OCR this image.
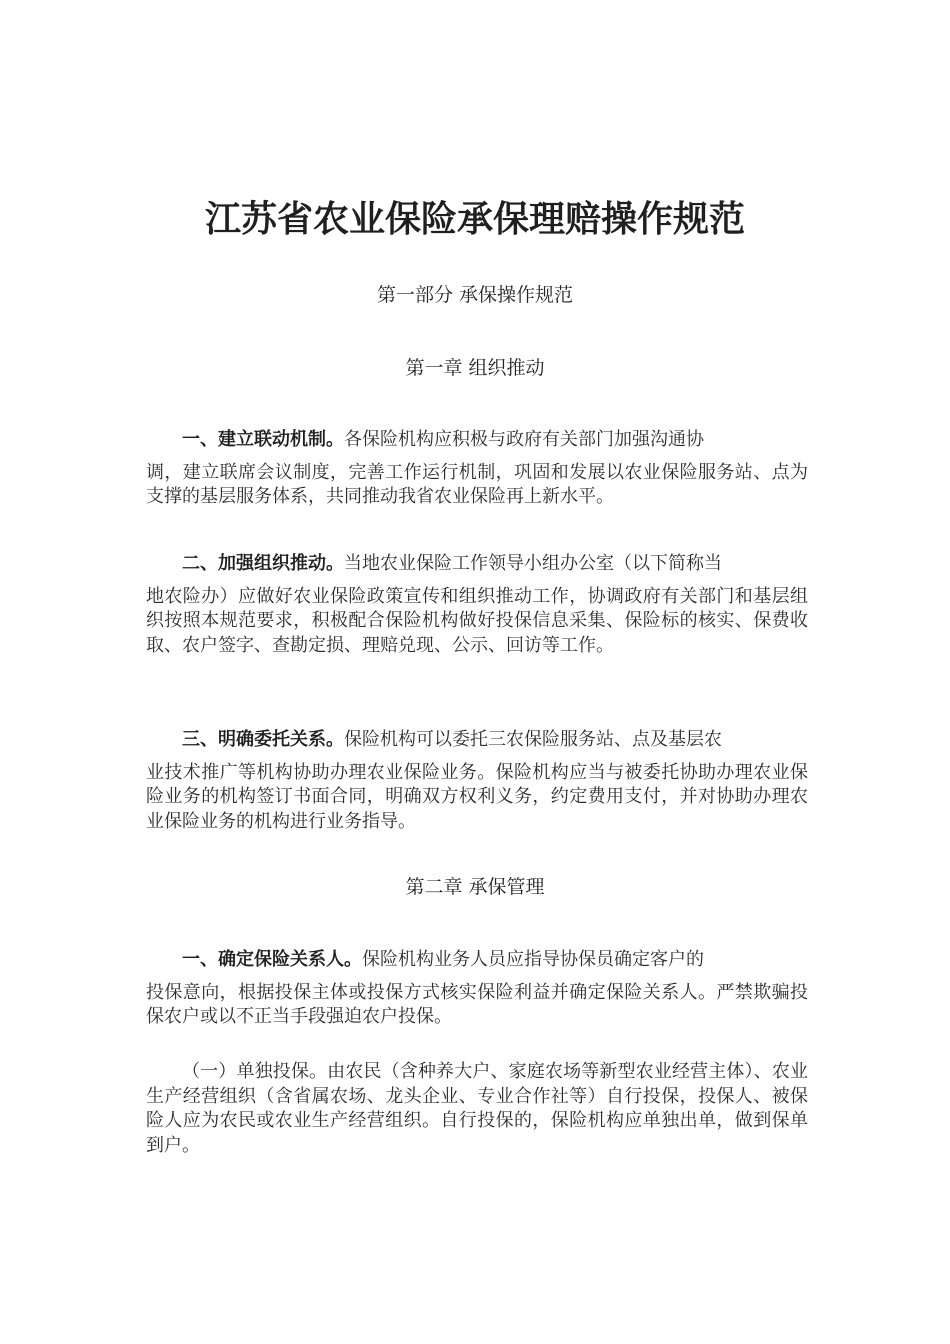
江苏省农业保险承保理赔操作规范
第一部分 承保操作规范
第一章 组织推动

一、建立联动机制。各保险机构应积极与政府有关部门加强沟通协
调，建立联席会议制度，完善工作运行机制，巩固和发展以农业保险服务站、点为支撑的基层服务体系，共同推动我省农业保险再上新水平。

二、加强组织推动。当地农业保险工作领导小组办公室（以下简称当
地农险办）应做好农业保险政策宣传和组织推动工作，协调政府有关部门和基层组织按照本规范要求，积极配合保险机构做好投保信息采集、保险标的核实、保费收取、农户签字、查勘定损、理赔兑现、公示、回访等工作。

三、明确委托关系。保险机构可以委托三农保险服务站、点及基层农
业技术推广等机构协助办理农业保险业务。保险机构应当与被委托协助办理农业保险业务的机构签订书面合同，明确双方权利义务，约定费用支付，并对协助办理农业保险业务的机构进行业务指导。

第二章 承保管理

一、确定保险关系人。保险机构业务人员应指导协保员确定客户的
投保意向，根据投保主体或投保方式核实保险利益并确定保险关系人。严禁欺骗投保农户或以不正当手段强迫农户投保。

（一）单独投保。由农民（含种养大户、家庭农场等新型农业经营主体）、农业生产经营组织（含省属农场、龙头企业、专业合作社等）自行投保，投保人、被保险人应为农民或农业生产经营组织。自行投保的，保险机构应单独出单，做到保单到户。
